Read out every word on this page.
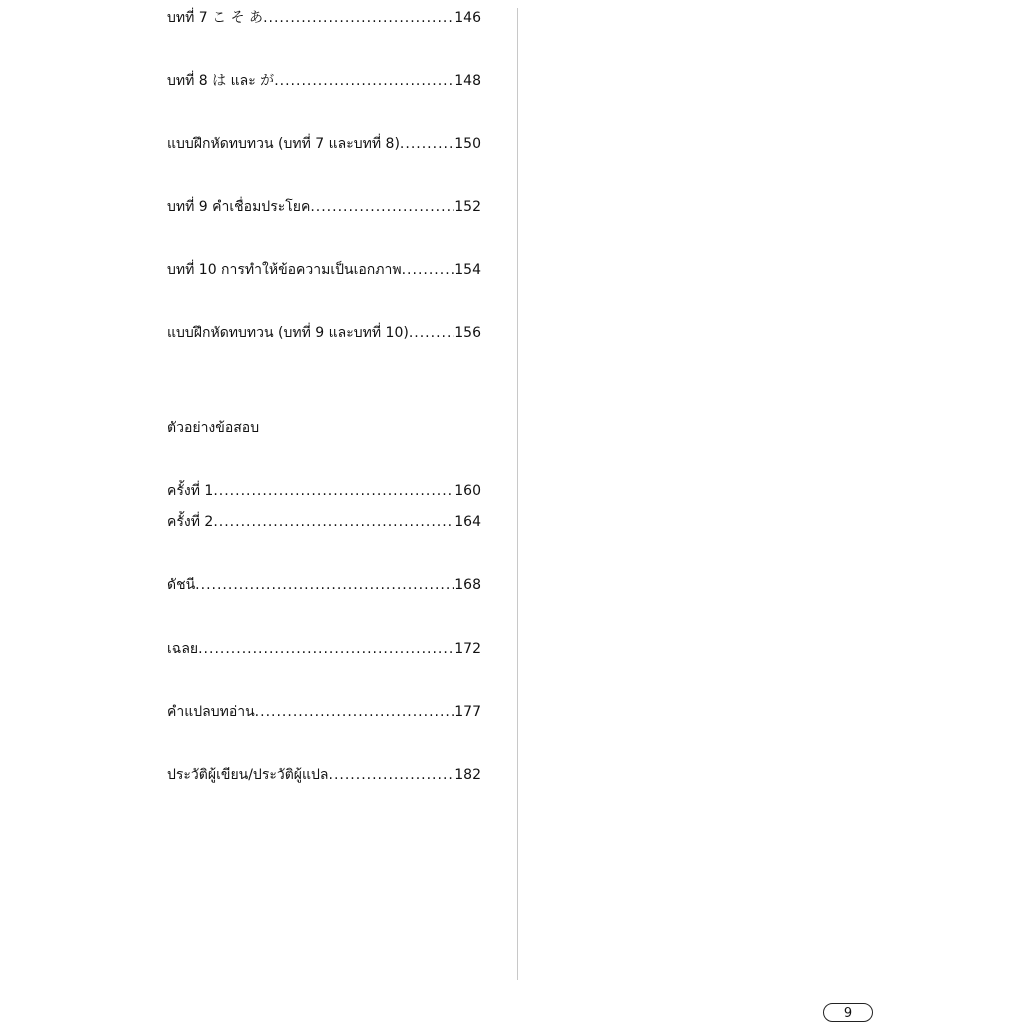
บทที่ 7 こ そ あ .....	146
บทที่ 8 は และ が .....	148
แบบฝึกหัดทบทวน (บทที่ 7 และบทที่ 8) .....	150
บทที่ 9 คำเชื่อมประโยค .....	152
บทที่ 10 การทำให้ข้อความเป็นเอกภาพ .....	154
แบบฝึกหัดทบทวน (บทที่ 9 และบทที่ 10) .....	156
ตัวอย่างข้อสอบ
ครั้งที่ 1 .....	160
ครั้งที่ 2 .....	164
ดัชนี .....	168
เฉลย .....	172
คำแปลบทอ่าน .....	177
ประวัติผู้เขียน/ประวัติผู้แปล .....	182
9
